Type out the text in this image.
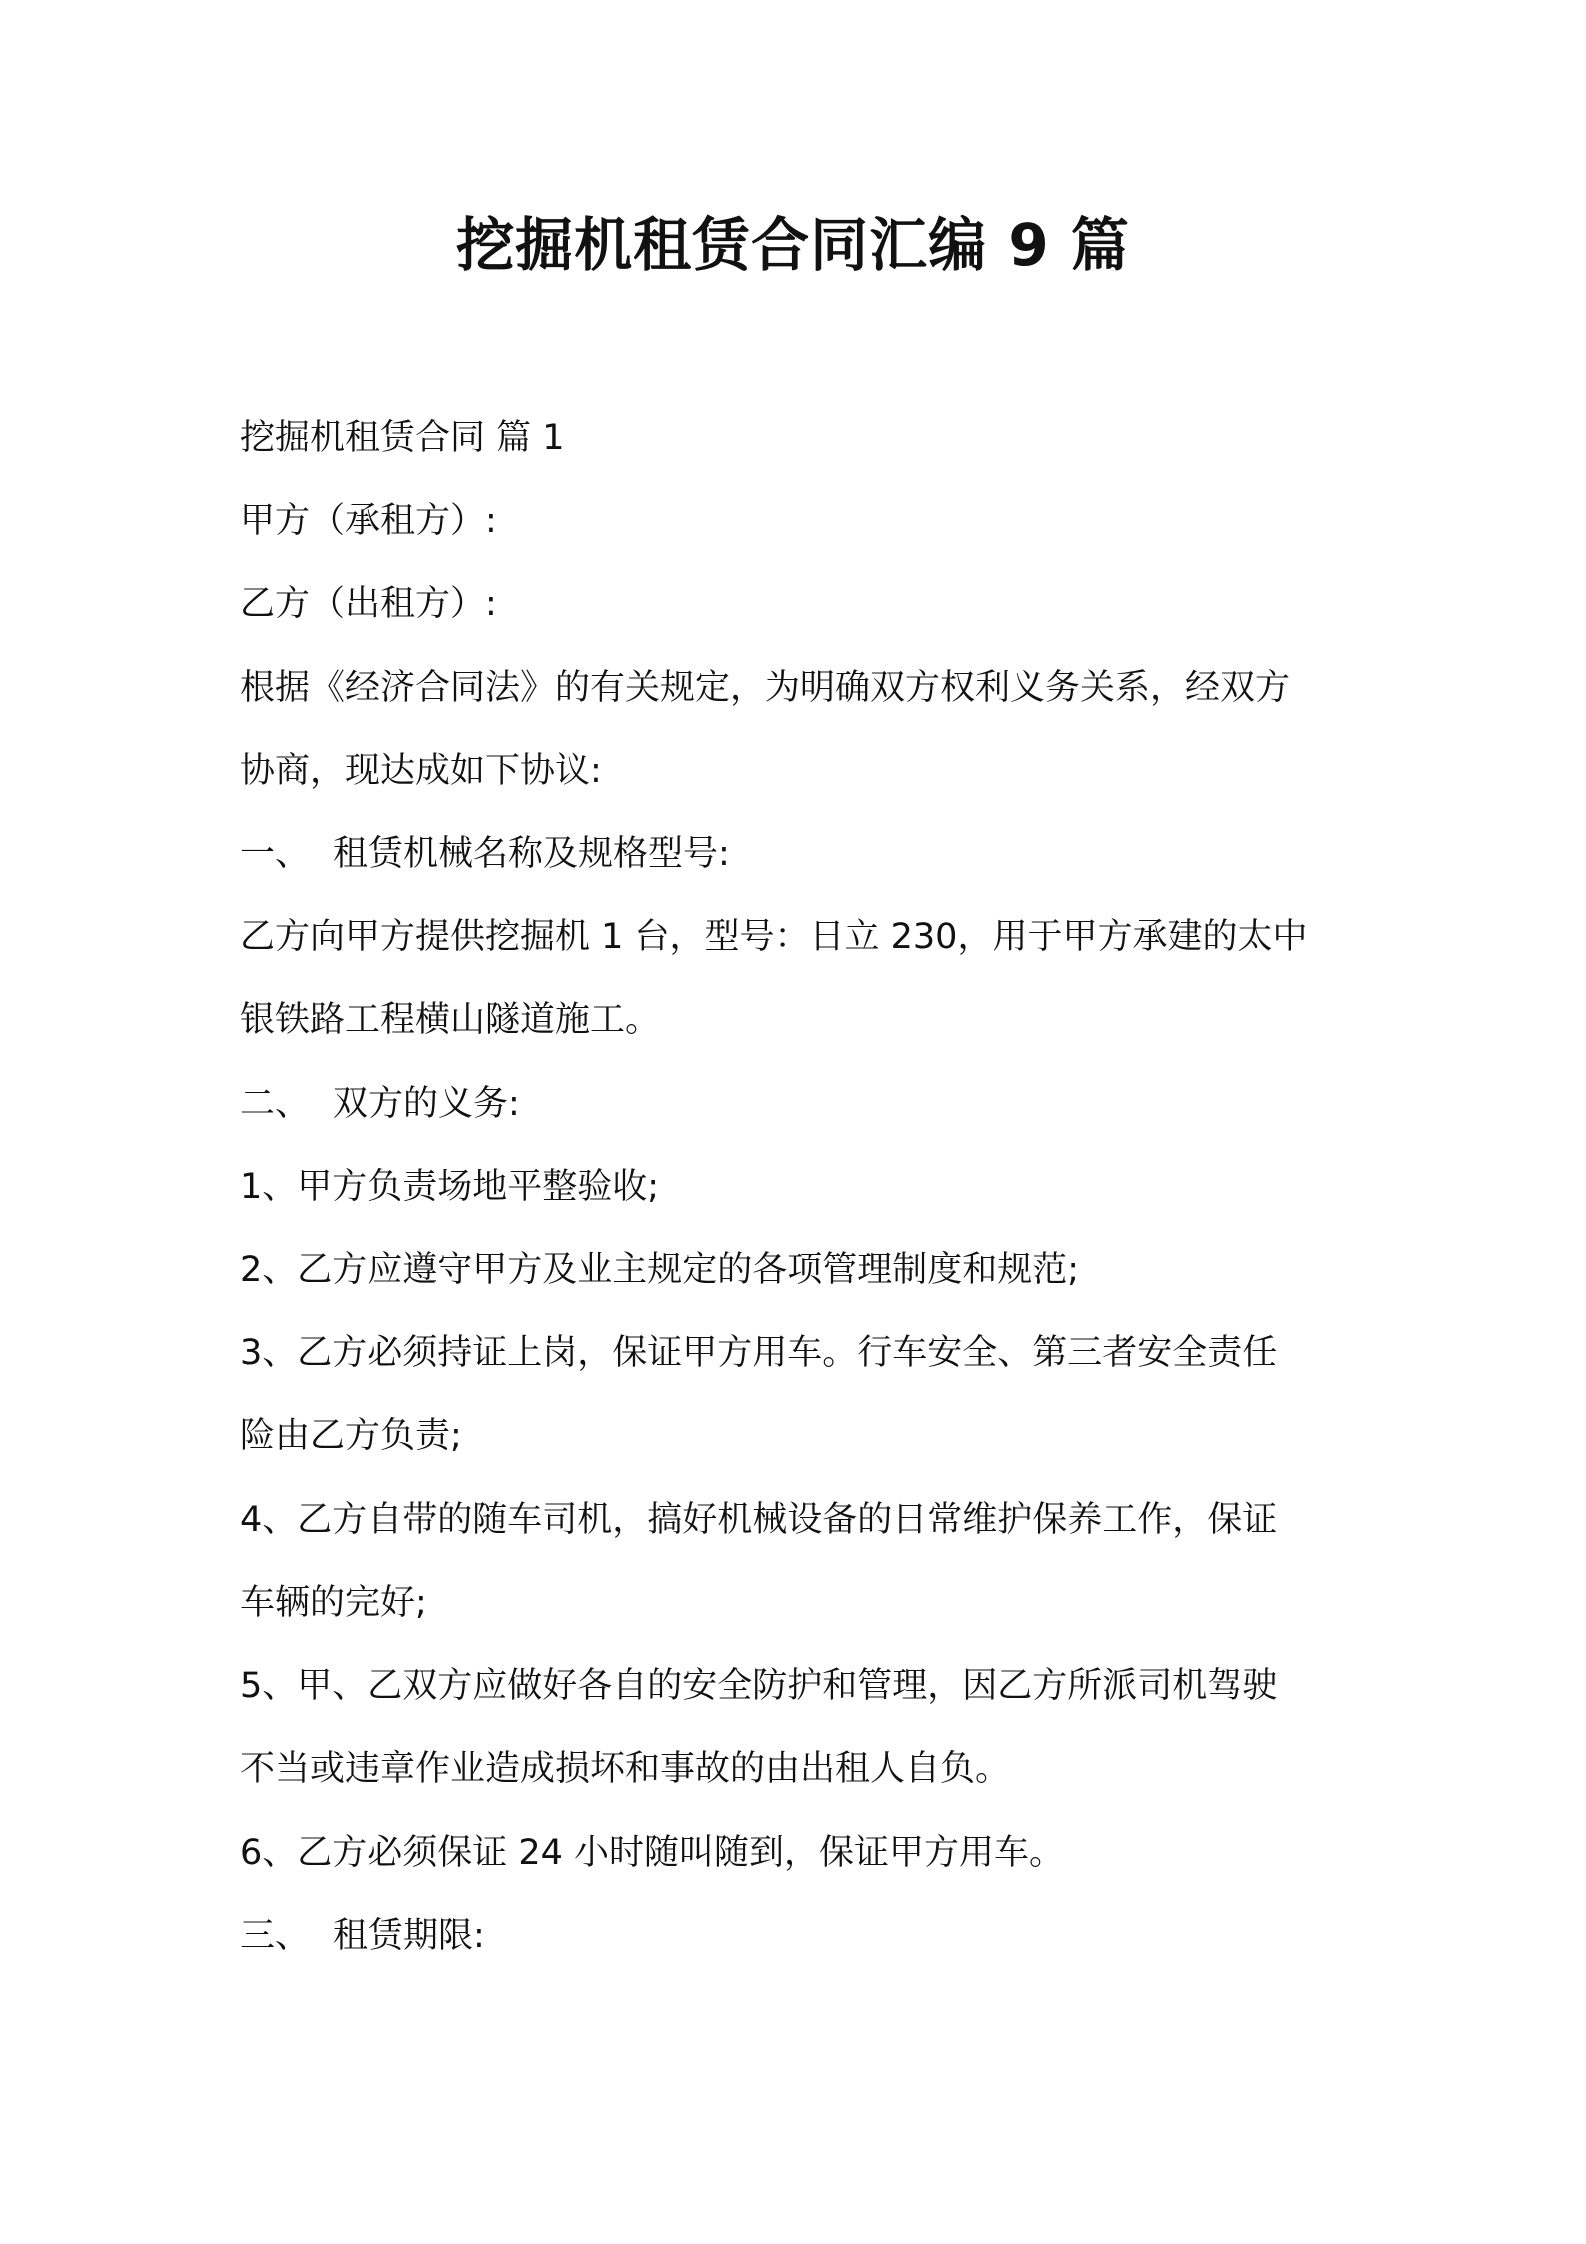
挖掘机租赁合同汇编 9 篇

挖掘机租赁合同 篇 1

甲方（承租方）:

乙方（出租方）:

根据《经济合同法》的有关规定，为明确双方权利义务关系，经双方

协商，现达成如下协议:

一、 租赁机械名称及规格型号:

乙方向甲方提供挖掘机 1 台，型号：日立 230，用于甲方承建的太中

银铁路工程横山隧道施工。

二、 双方的义务:

1、甲方负责场地平整验收;

2、乙方应遵守甲方及业主规定的各项管理制度和规范;

3、乙方必须持证上岗，保证甲方用车。行车安全、第三者安全责任

险由乙方负责;

4、乙方自带的随车司机，搞好机械设备的日常维护保养工作，保证

车辆的完好;

5、甲、乙双方应做好各自的安全防护和管理，因乙方所派司机驾驶

不当或违章作业造成损坏和事故的由出租人自负。

6、乙方必须保证 24 小时随叫随到，保证甲方用车。

三、 租赁期限:
